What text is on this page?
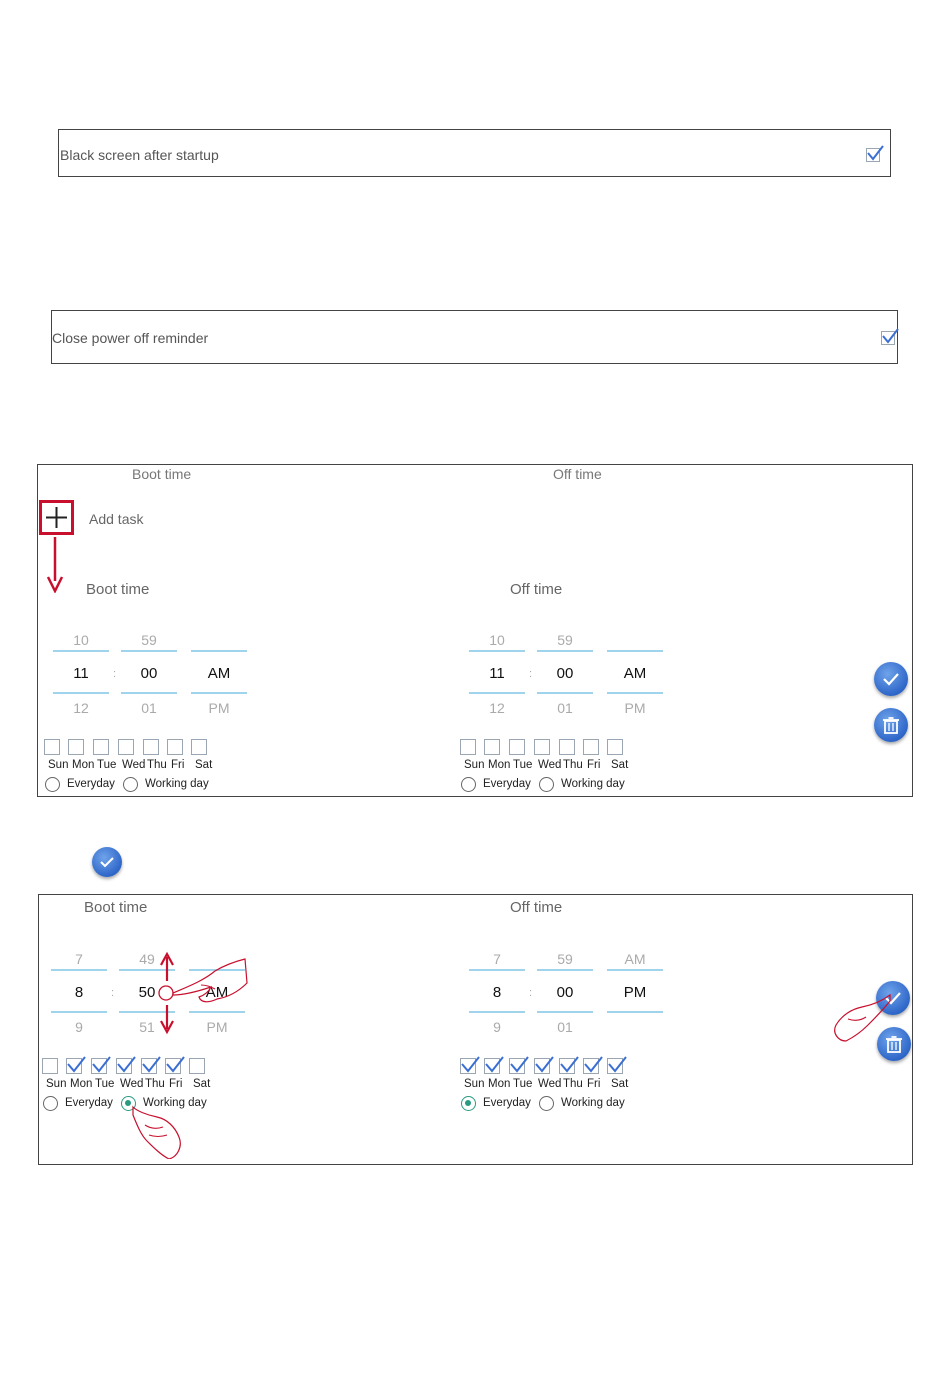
Black screen after startup
Close power off reminder
Boot time	Off time
Add task
Boot time
10
11
12
59
00
01
AM
PM
:
Sun Mon Tue Wed Thu Fri Sat
Everyday	Working day
Off time
10
11
12
59
00
01
AM
PM
:
Sun Mon Tue Wed Thu Fri Sat
Everyday	Working day
Boot time
7
8
9
49
50
51
AM
PM
:
Sun Mon Tue Wed Thu Fri Sat
Everyday	Working day
Off time
7
8
9
59
00
01
AM
PM
:
Sun Mon Tue Wed Thu Fri Sat
Everyday	Working day
